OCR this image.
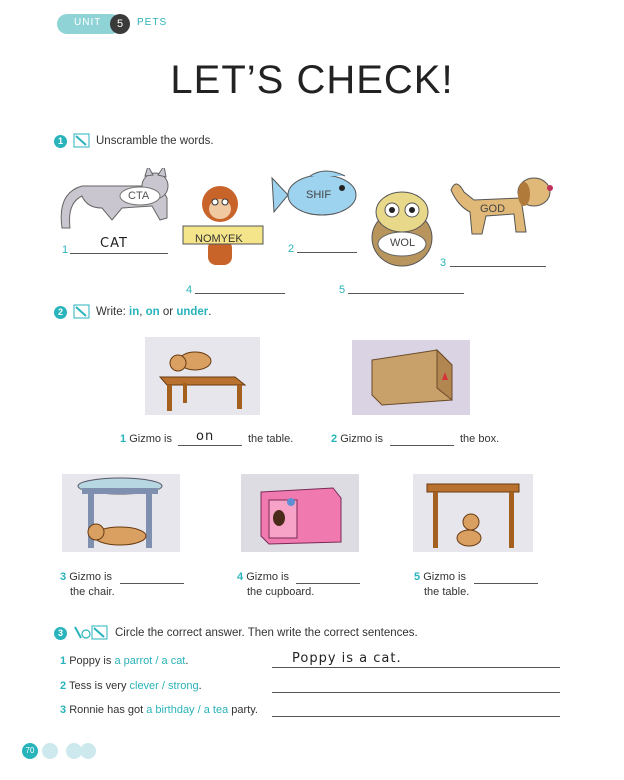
UNIT	5	PETS
LET’S CHECK!
1	Unscramble the words.
CTA
NOMYEK
SHIF
WOL
GOD
1 CAT	2
3
4	5
2	Write: in, on or under.
1 Gizmo is on	the table.	2 Gizmo is	the box.
3 Gizmo is
the chair.
4 Gizmo is
the cupboard.
5 Gizmo is
the table.
3	Circle the correct answer. Then write the correct sentences.
1 Poppy is a parrot / a cat.	Poppy is a cat.
2 Tess is very clever / strong.
3 Ronnie has got a birthday / a tea party.
70
